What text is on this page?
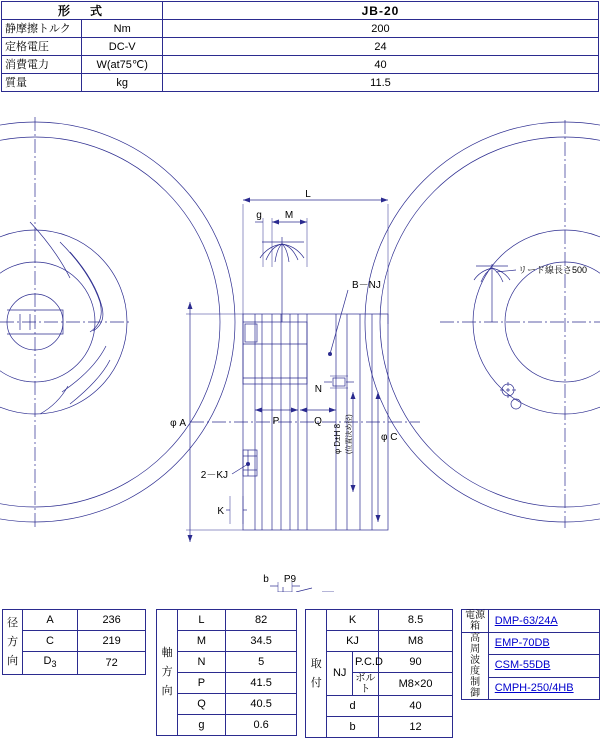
形　式		JB-20
静摩擦トルク	Nm	200
定格電圧	DC-V	24
消費電力	W(at75℃)	40
質量	kg	11.5
L
g M
B－NJ
N
P	Q
φ A
φ C
φ D±H 8 (位置決め径)
リード線長さ500
2－KJ
K
b P9
径
方
向	A	236
	C	219
	$D_3$	72
軸
方
向	L	82
	M	34.5
	N	5
	P	41.5
	Q	40.5
	g	0.6
取
付	K		8.5
	KJ		M8
	NJ	P.C.D	90
		ボルト	M8×20
	d		40
	b		12
電源箱	DMP-63/24A
高
周
波
度
制
御	EMP-70DB
	CSM-55DB
	CMPH-250/4HB
